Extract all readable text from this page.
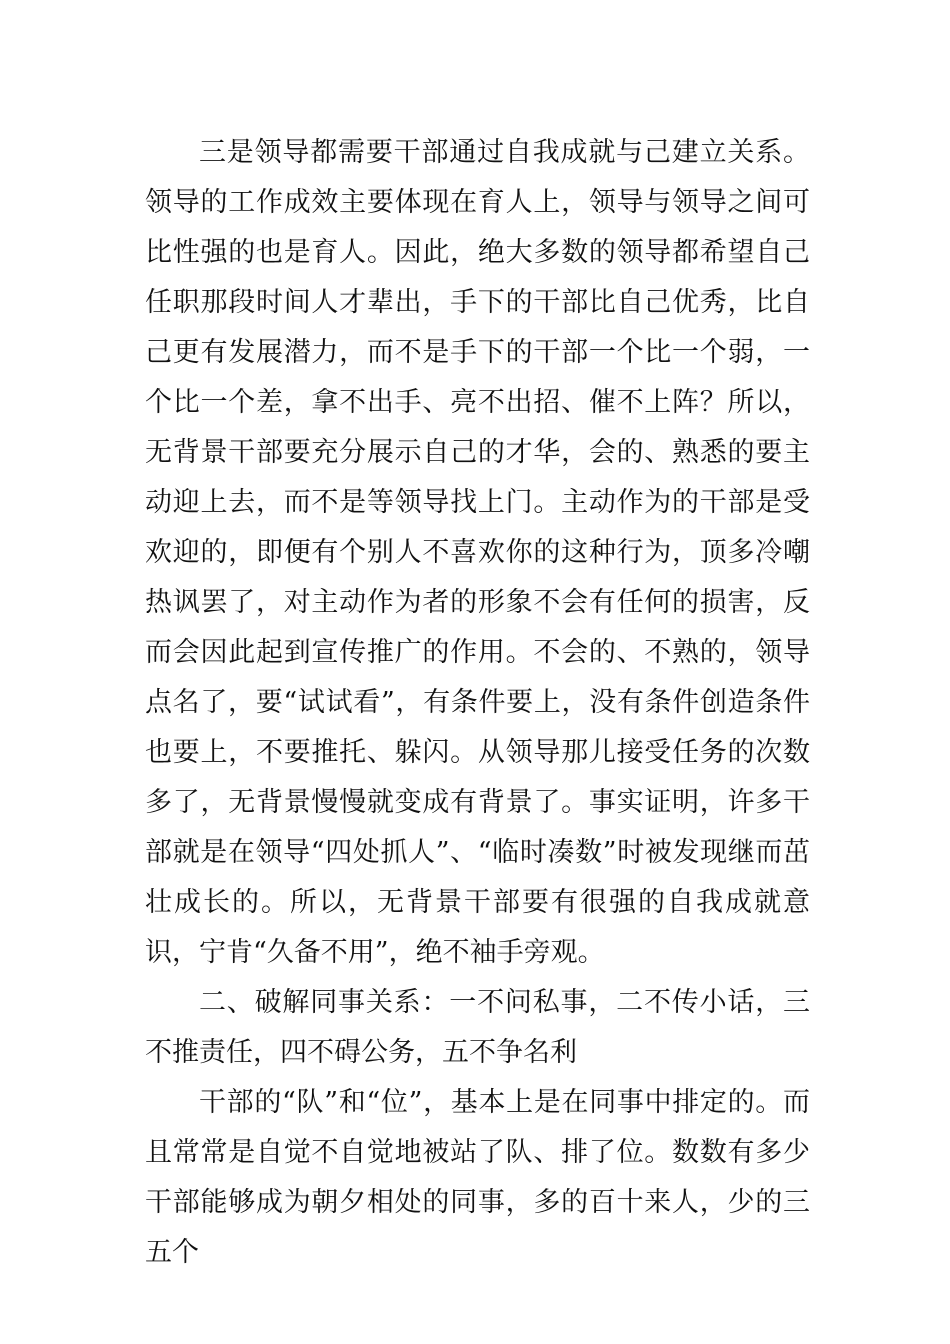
三是领导都需要干部通过自我成就与己建立关系。领导的工作成效主要体现在育人上，领导与领导之间可比性强的也是育人。因此，绝大多数的领导都希望自己任职那段时间人才辈出，手下的干部比自己优秀，比自己更有发展潜力，而不是手下的干部一个比一个弱，一个比一个差，拿不出手、亮不出招、催不上阵？所以，无背景干部要充分展示自己的才华，会的、熟悉的要主动迎上去，而不是等领导找上门。主动作为的干部是受欢迎的，即便有个别人不喜欢你的这种行为，顶多冷嘲热讽罢了，对主动作为者的形象不会有任何的损害，反而会因此起到宣传推广的作用。不会的、不熟的，领导点名了，要“试试看”，有条件要上，没有条件创造条件也要上，不要推托、躲闪。从领导那儿接受任务的次数多了，无背景慢慢就变成有背景了。事实证明，许多干部就是在领导“四处抓人”、“临时凑数”时被发现继而茁壮成长的。所以，无背景干部要有很强的自我成就意识，宁肯“久备不用”，绝不袖手旁观。

二、破解同事关系：一不问私事，二不传小话，三不推责任，四不碍公务，五不争名利

干部的“队”和“位”，基本上是在同事中排定的。而且常常是自觉不自觉地被站了队、排了位。数数有多少干部能够成为朝夕相处的同事，多的百十来人，少的三五个
